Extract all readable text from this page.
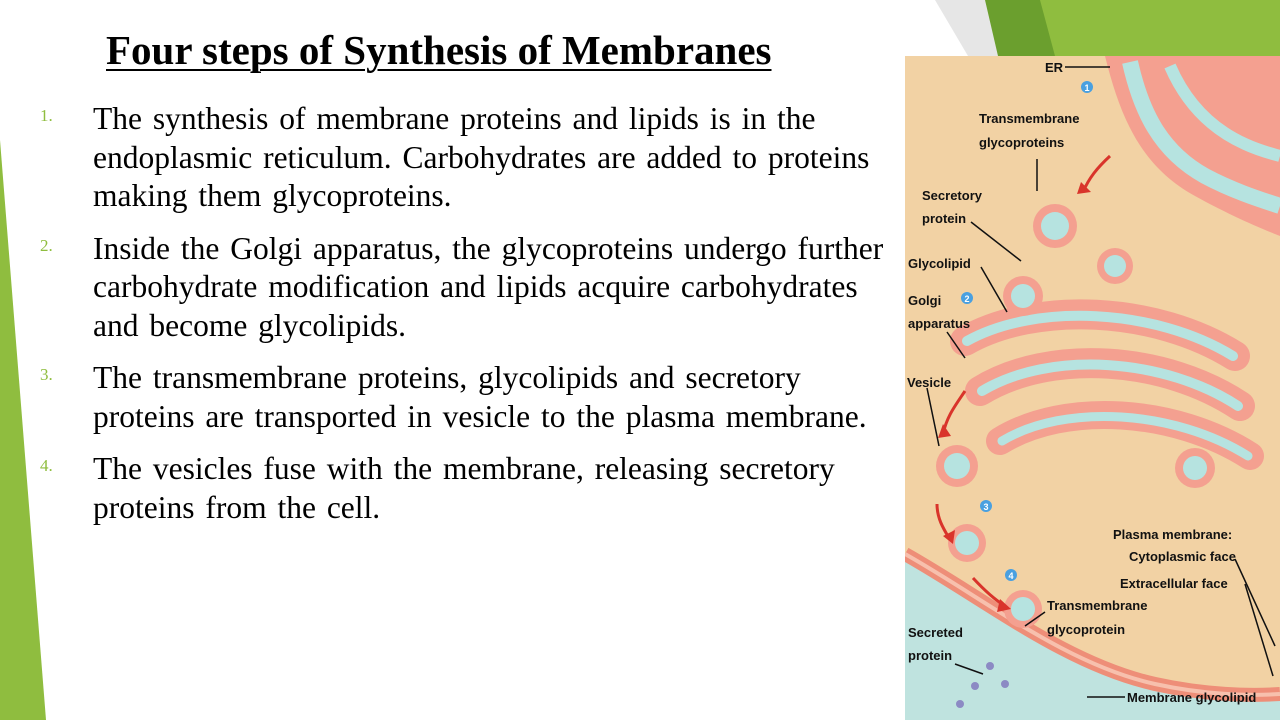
Four steps of Synthesis of Membranes
1. The synthesis of membrane proteins and lipids is in the endoplasmic reticulum. Carbohydrates are added to proteins making them glycoproteins.
2. Inside the Golgi apparatus, the glycoproteins undergo further carbohydrate modification and lipids acquire carbohydrates and become glycolipids.
3. The transmembrane proteins, glycolipids and secretory proteins are transported in vesicle to the plasma membrane.
4. The vesicles fuse with the membrane, releasing secretory proteins from the cell.
1
2
3
4
ER
Transmembrane
glycoproteins
Secretory
protein
Glycolipid
Golgi
apparatus
Vesicle
Plasma membrane:
Cytoplasmic face
Extracellular face
Transmembrane
glycoprotein
Secreted
protein
Membrane glycolipid
